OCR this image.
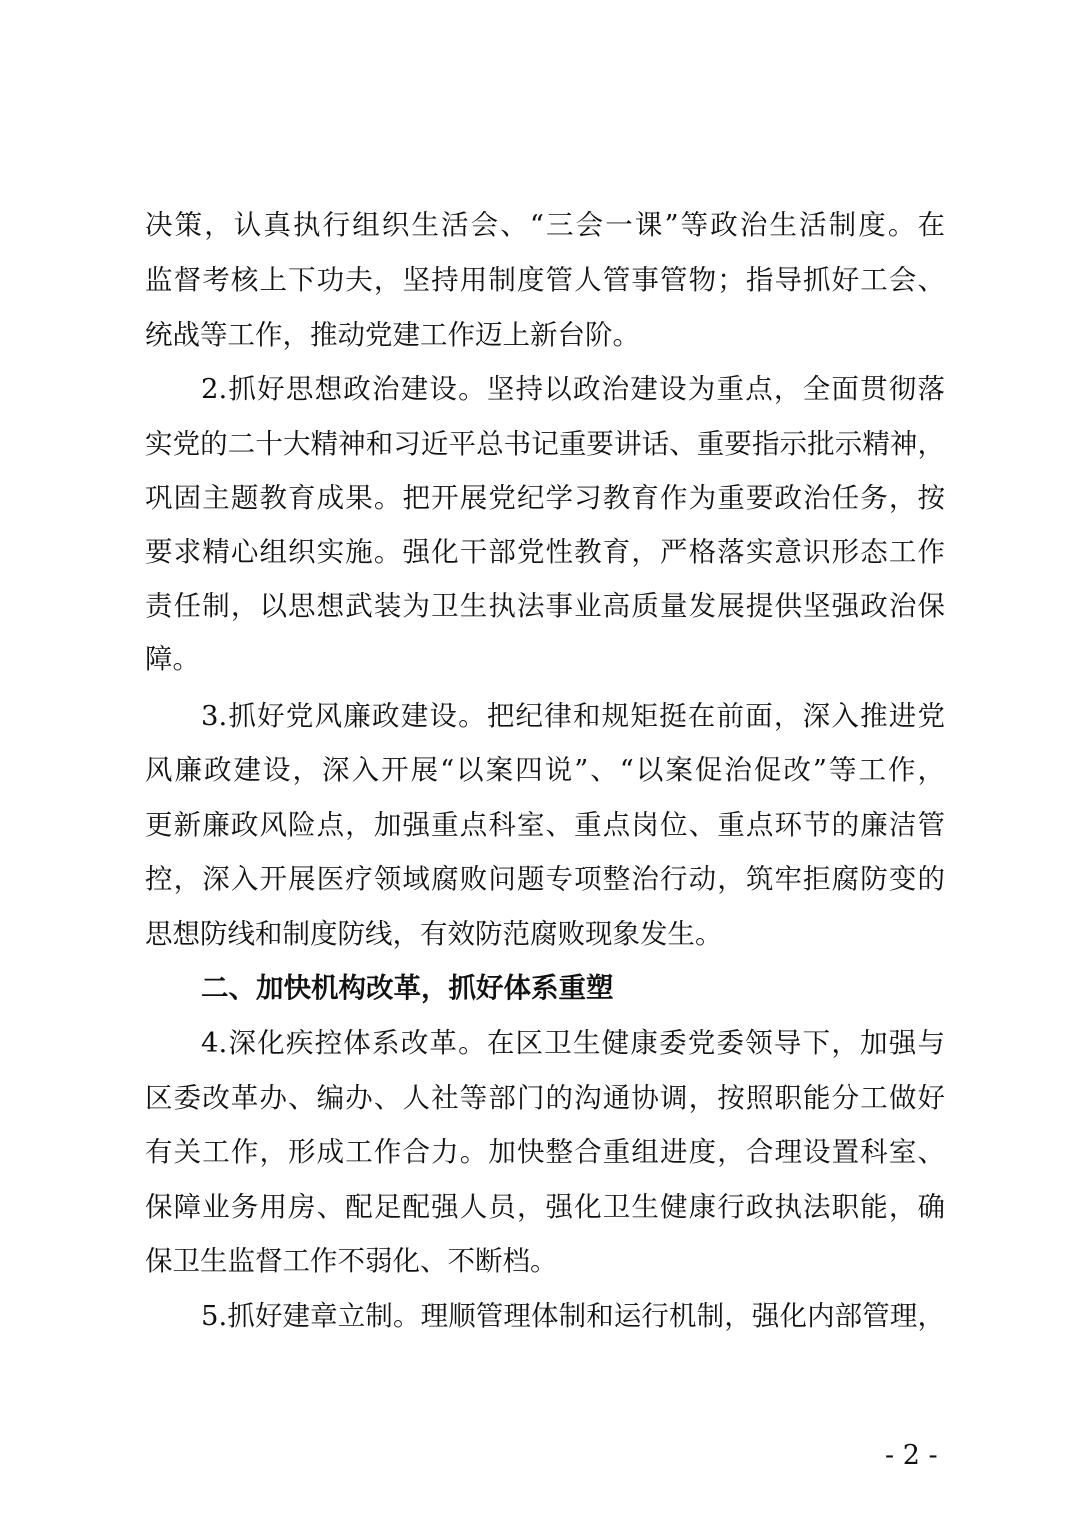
决策，认真执行组织生活会、“三会一课”等政治生活制度。在
监督考核上下功夫，坚持用制度管人管事管物；指导抓好工会、
统战等工作，推动党建工作迈上新台阶。
2.抓好思想政治建设。坚持以政治建设为重点，全面贯彻落
实党的二十大精神和习近平总书记重要讲话、重要指示批示精神，
巩固主题教育成果。把开展党纪学习教育作为重要政治任务，按
要求精心组织实施。强化干部党性教育，严格落实意识形态工作
责任制，以思想武装为卫生执法事业高质量发展提供坚强政治保
障。
3.抓好党风廉政建设。把纪律和规矩挺在前面，深入推进党
风廉政建设，深入开展“以案四说”、“以案促治促改”等工作，
更新廉政风险点，加强重点科室、重点岗位、重点环节的廉洁管
控，深入开展医疗领域腐败问题专项整治行动，筑牢拒腐防变的
思想防线和制度防线，有效防范腐败现象发生。
二、加快机构改革，抓好体系重塑
4.深化疾控体系改革。在区卫生健康委党委领导下，加强与
区委改革办、编办、人社等部门的沟通协调，按照职能分工做好
有关工作，形成工作合力。加快整合重组进度，合理设置科室、
保障业务用房、配足配强人员，强化卫生健康行政执法职能，确
保卫生监督工作不弱化、不断档。
5.抓好建章立制。理顺管理体制和运行机制，强化内部管理，
- 2 -
